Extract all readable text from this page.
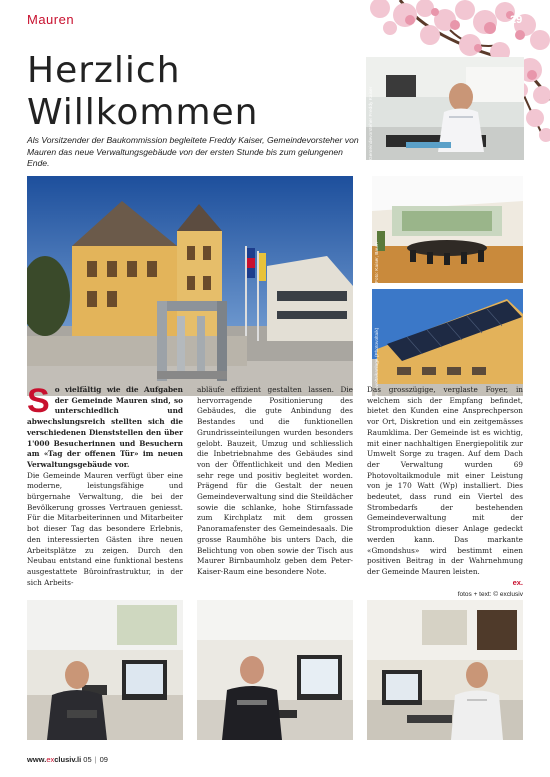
Mauren	29
Herzlich
Willkommen
Als Vorsitzender der Baukommission begleitete Freddy Kaiser, Gemeindevorsteher von Mauren das neue Verwaltungsgebäude von der ersten Stunde bis zum gelungenen Ende.
Gemeindevorsteher Freddy Kaiser
Foto: Kaiser, Baum
Fotovoltaikanlage (Photovoltaik)

S o vielfältig wie die Aufgaben der Gemeinde Mauren sind, so unterschiedlich und abwechslungsreich stellten sich die verschiedenen Dienststellen den über 1'000 Besucherinnen und Besuchern am «Tag der offenen Tür» im neuen Verwaltungsgebäude vor.

Die Gemeinde Mauren verfügt über eine moderne, leistungsfähige und bürgernahe Verwaltung, die bei der Bevölkerung grosses Vertrauen geniesst. Für die Mitarbeiterinnen und Mitarbeiter bot dieser Tag das besondere Erlebnis, den interessierten Gästen ihre neuen Arbeitsplätze zu zeigen. Durch den Neubau entstand eine funktional bestens ausgestattete Büroinfrastruktur, in der sich Arbeits-

abläufe effizient gestalten lassen. Die hervorragende Positionierung des Gebäudes, die gute Anbindung des Bestandes und die funktionellen Grundrisseinteilungen wurden besonders gelobt. Bauzeit, Umzug und schliesslich die Inbetriebnahme des Gebäudes sind von der Öffentlichkeit und den Medien sehr rege und positiv begleitet worden. Prägend für die Gestalt der neuen Gemeindeverwaltung sind die Steildächer sowie die schlanke, hohe Stirnfassade zum Kirchplatz mit dem grossen Panoramafenster des Gemeindesaals. Die grosse Raumhöhe bis unters Dach, die Belichtung von oben sowie der Tisch aus Maurer Birnbaumholz geben dem Peter-Kaiser-Raum eine besondere Note.

Das grosszügige, verglaste Foyer, in welchem sich der Empfang befindet, bietet den Kunden eine Ansprechperson vor Ort, Diskretion und ein zeitgemässes Raumklima. Der Gemeinde ist es wichtig, mit einer nachhaltigen Energiepolitik zur Umwelt Sorge zu tragen. Auf dem Dach der Verwaltung wurden 69 Photovoltaikmodule mit einer Leistung von je 170 Watt (Wp) installiert. Dies bedeutet, dass rund ein Viertel des Strombedarfs der bestehenden Gemeindeverwaltung mit der Stromproduktion dieser Anlage gedeckt werden kann. Das markante «Gmondshus» wird bestimmt einen positiven Beitrag in der Wahrnehmung der Gemeinde Mauren leisten.

ex.
fotos + text: © exclusiv
www.exclusiv.li 05 | 09
